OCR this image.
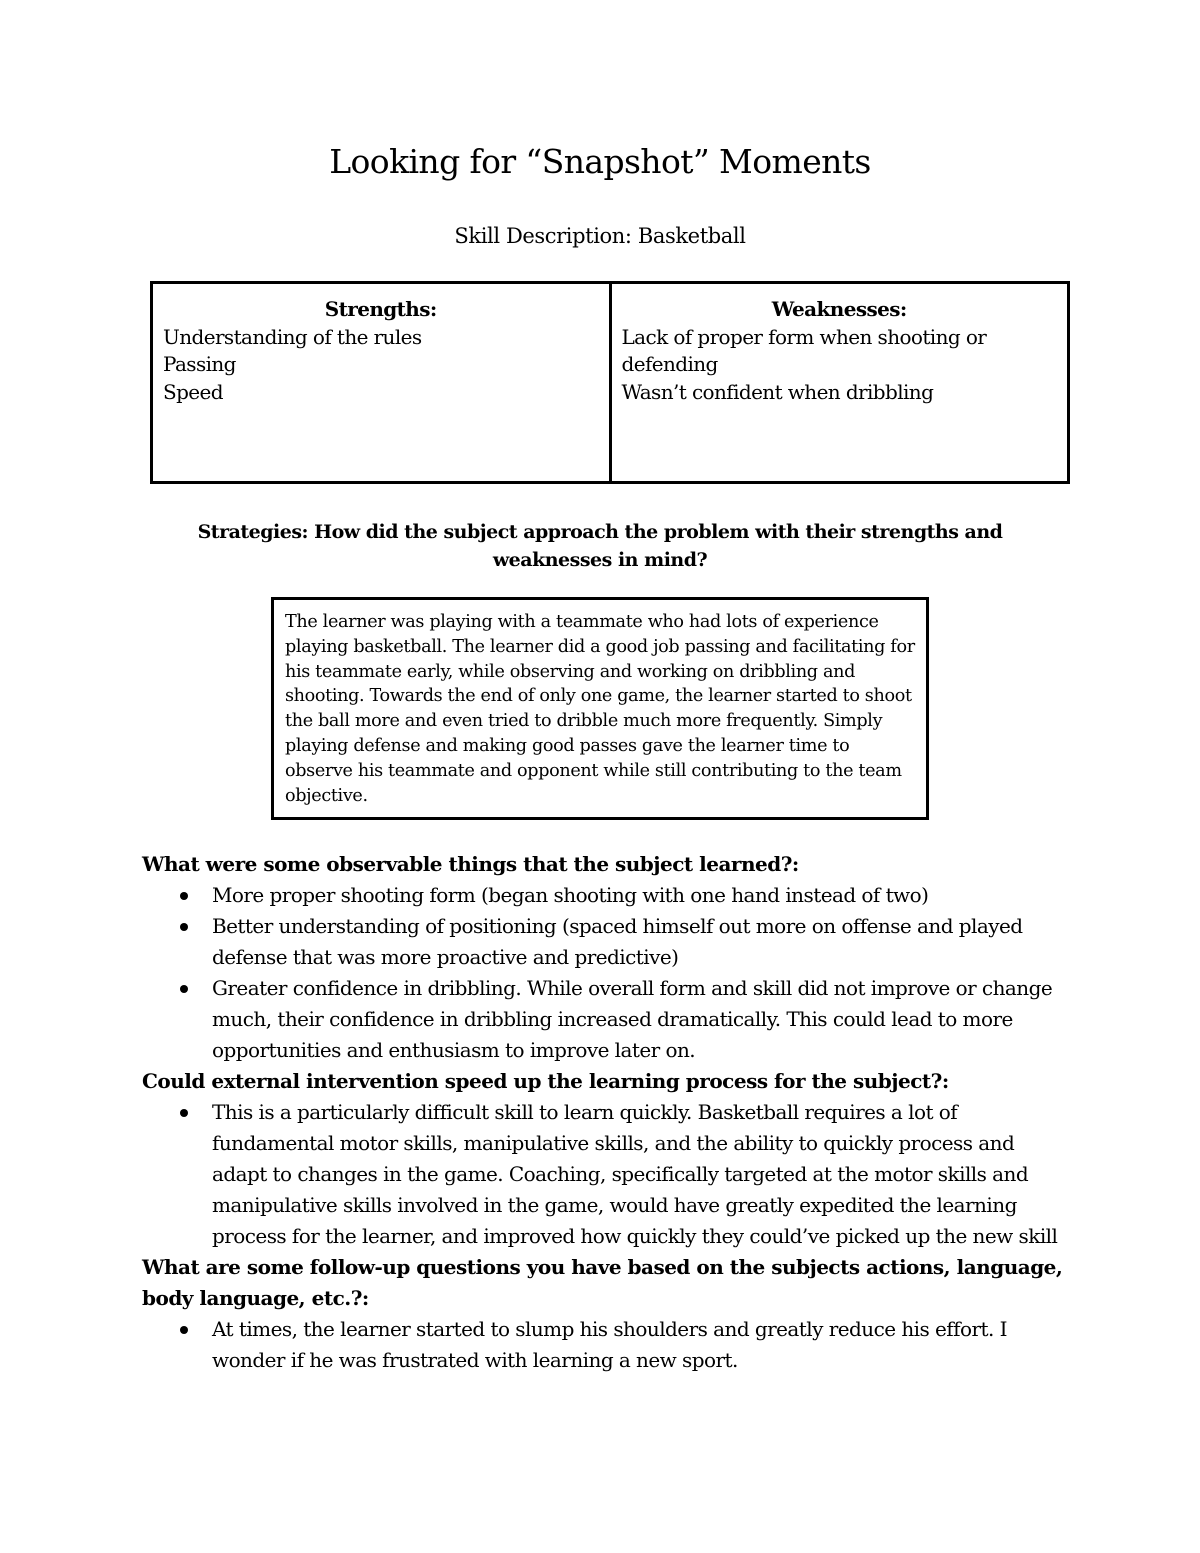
Looking for “Snapshot” Moments
Skill Description: Basketball
Strengths:
Understanding of the rules
Passing
Speed
Weaknesses:
Lack of proper form when shooting or defending
Wasn’t confident when dribbling
Strategies: How did the subject approach the problem with their strengths and weaknesses in mind?
The learner was playing with a teammate who had lots of experience playing basketball. The learner did a good job passing and facilitating for his teammate early, while observing and working on dribbling and shooting. Towards the end of only one game, the learner started to shoot the ball more and even tried to dribble much more frequently. Simply playing defense and making good passes gave the learner time to observe his teammate and opponent while still contributing to the team objective.
What were some observable things that the subject learned?:
More proper shooting form (began shooting with one hand instead of two)
Better understanding of positioning (spaced himself out more on offense and played defense that was more proactive and predictive)
Greater confidence in dribbling. While overall form and skill did not improve or change much, their confidence in dribbling increased dramatically. This could lead to more opportunities and enthusiasm to improve later on.
Could external intervention speed up the learning process for the subject?:
This is a particularly difficult skill to learn quickly. Basketball requires a lot of fundamental motor skills, manipulative skills, and the ability to quickly process and adapt to changes in the game. Coaching, specifically targeted at the motor skills and manipulative skills involved in the game, would have greatly expedited the learning process for the learner, and improved how quickly they could’ve picked up the new skill
What are some follow-up questions you have based on the subjects actions, language, body language, etc.?:
At times, the learner started to slump his shoulders and greatly reduce his effort. I wonder if he was frustrated with learning a new sport.
